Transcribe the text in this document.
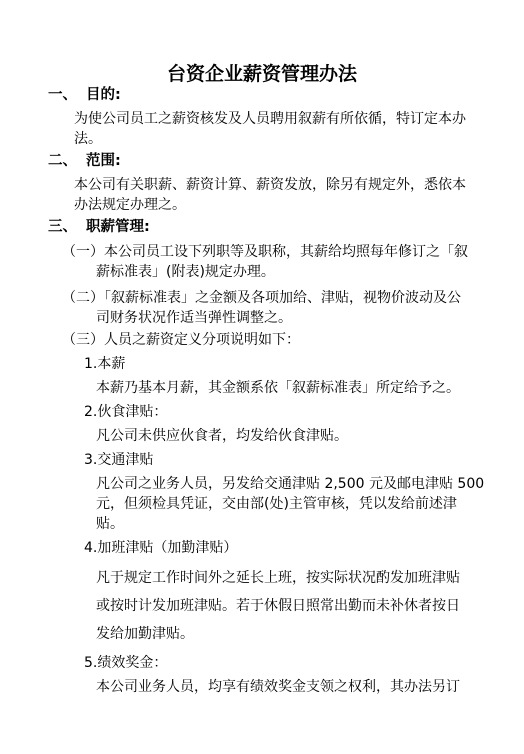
台资企业薪资管理办法
一、 目的:
为使公司员工之薪资核发及人员聘用叙薪有所依循，特订定本办
法。
二、 范围:
本公司有关职薪、薪资计算、薪资发放，除另有规定外，悉依本
办法规定办理之。
三、 职薪管理:
（一）本公司员工设下列职等及职称，其薪给均照每年修订之「叙
薪标准表」(附表)规定办理。
（二）「叙薪标准表」之金额及各项加给、津贴，视物价波动及公
司财务状况作适当弹性调整之。
（三）人员之薪资定义分项说明如下：
1.本薪
本薪乃基本月薪，其金额系依「叙薪标准表」所定给予之。
2.伙食津贴：
凡公司未供应伙食者，均发给伙食津贴。
3.交通津贴
凡公司之业务人员，另发给交通津贴 2,500 元及邮电津贴 500
元，但须检具凭证，交由部(处)主管审核，凭以发给前述津
贴。
4.加班津贴（加勤津贴）
凡于规定工作时间外之延长上班，按实际状况酌发加班津贴
或按时计发加班津贴。若于休假日照常出勤而未补休者按日
发给加勤津贴。
5.绩效奖金：
本公司业务人员，均享有绩效奖金支领之权利，其办法另订
